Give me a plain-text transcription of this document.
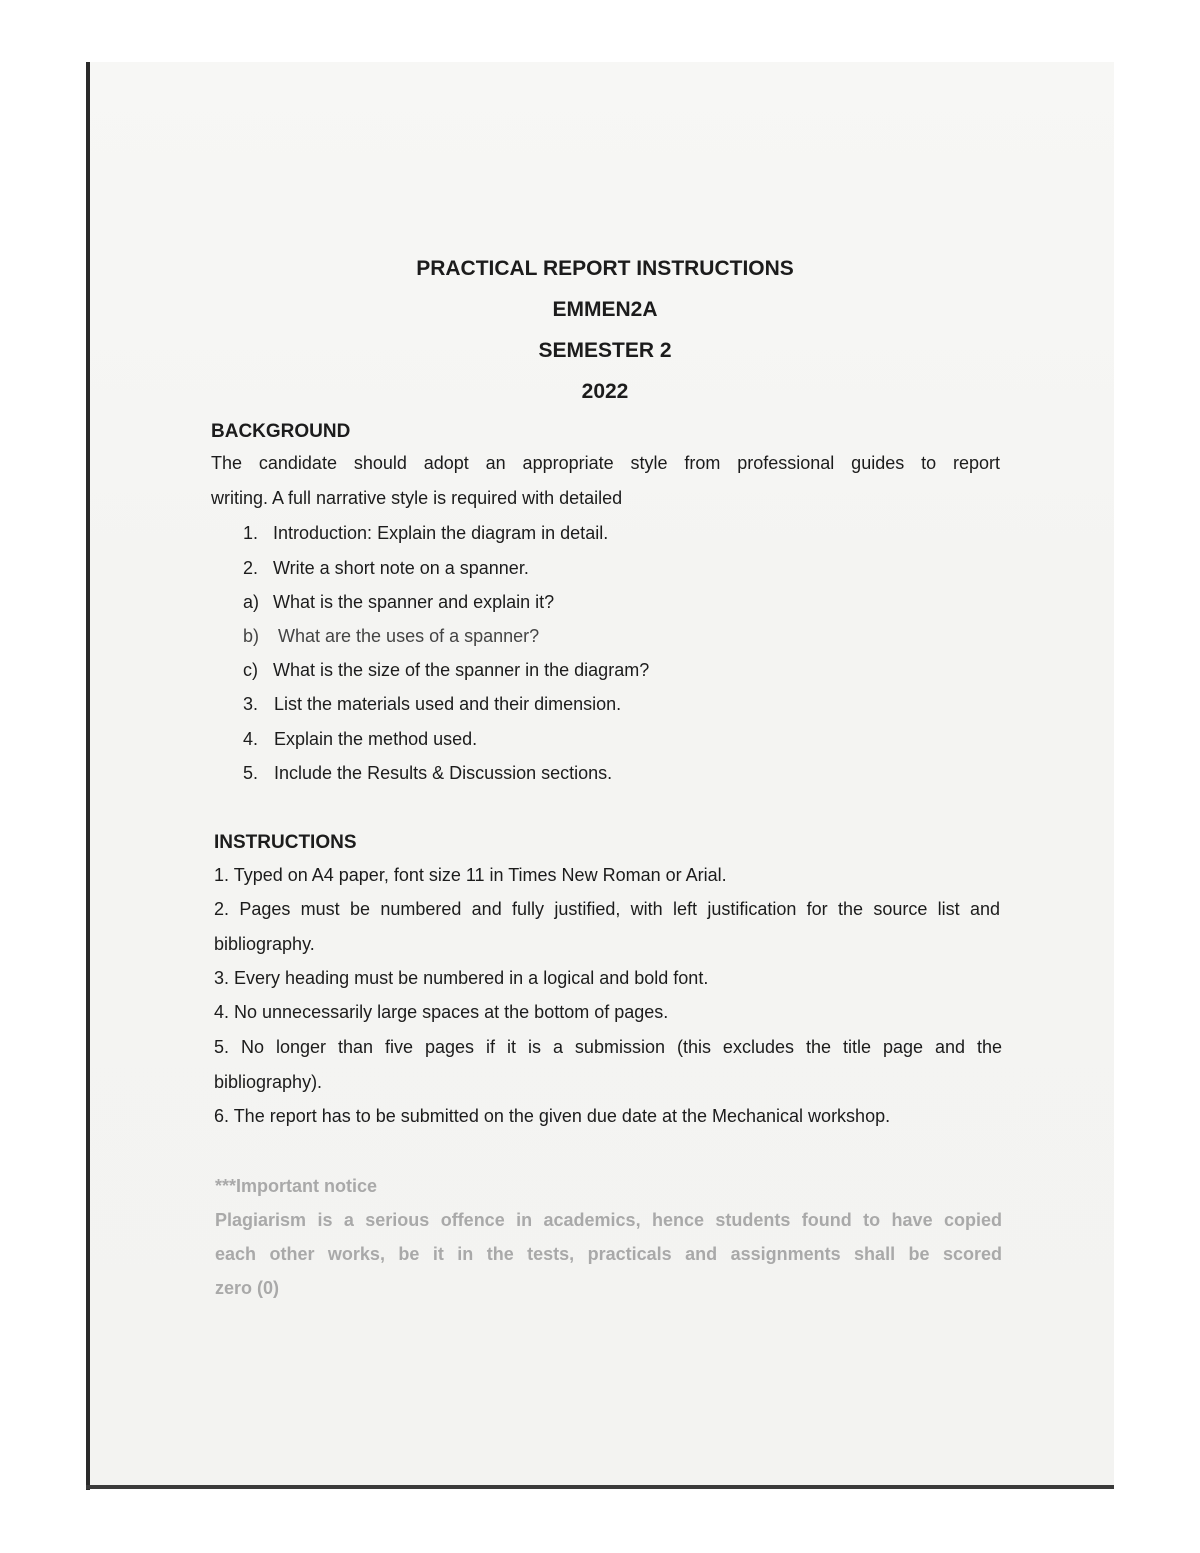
PRACTICAL REPORT INSTRUCTIONS
EMMEN2A
SEMESTER 2
2022
BACKGROUND
The candidate should adopt an appropriate style from professional guides to report
writing. A full narrative style is required with detailed
1. Introduction: Explain the diagram in detail.
2. Write a short note on a spanner.
a) What is the spanner and explain it?
b)	What are the uses of a spanner?
c) What is the size of the spanner in the diagram?
3. List the materials used and their dimension.
4. Explain the method used.
5. Include the Results & Discussion sections.
INSTRUCTIONS
1. Typed on A4 paper, font size 11 in Times New Roman or Arial.
2. Pages must be numbered and fully justified, with left justification for the source list and
bibliography.
3. Every heading must be numbered in a logical and bold font.
4. No unnecessarily large spaces at the bottom of pages.
5. No longer than five pages if it is a submission (this excludes the title page and the
bibliography).
6. The report has to be submitted on the given due date at the Mechanical workshop.
***Important notice
Plagiarism is a serious offence in academics, hence students found to have copied
each other works, be it in the tests, practicals and assignments shall be scored
zero (0)
